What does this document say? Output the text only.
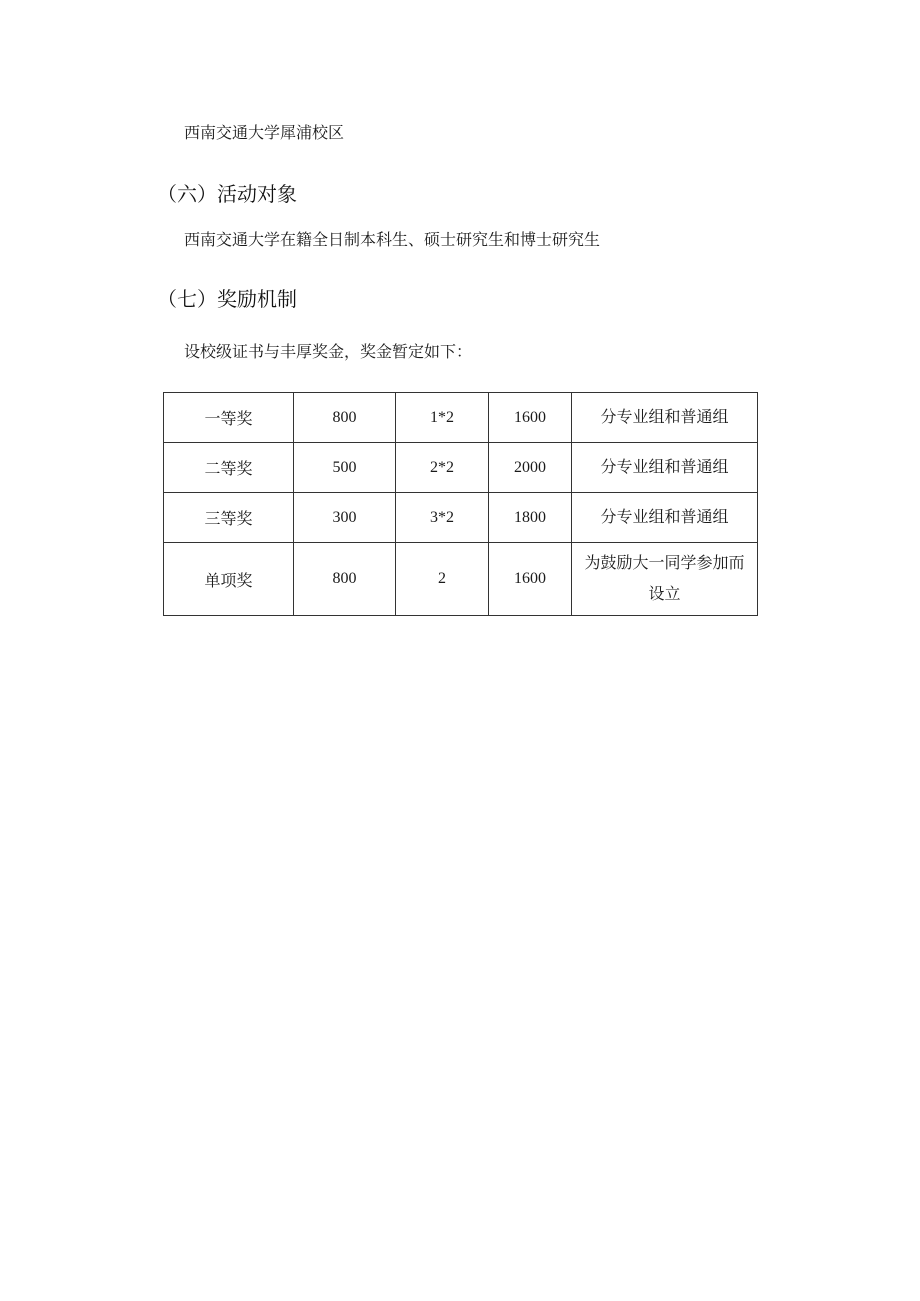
西南交通大学犀浦校区
（六）活动对象
西南交通大学在籍全日制本科生、硕士研究生和博士研究生
（七）奖励机制
设校级证书与丰厚奖金，奖金暂定如下：
一等奖	800	1*2	1600	分专业组和普通组
二等奖	500	2*2	2000	分专业组和普通组
三等奖	300	3*2	1800	分专业组和普通组
单项奖	800	2	1600	为鼓励大一同学参加而设立
